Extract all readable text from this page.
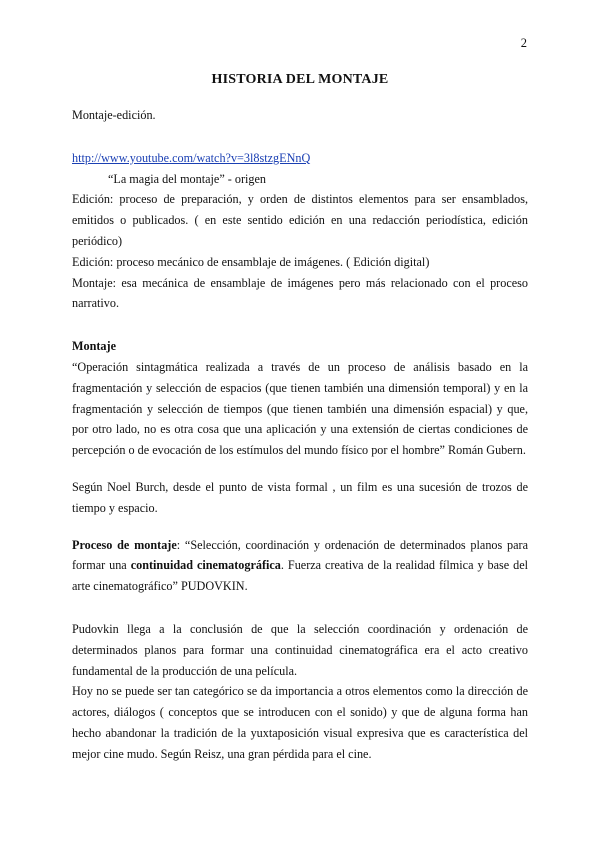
2
HISTORIA DEL MONTAJE

Montaje-edición.

http://www.youtube.com/watch?v=3l8stzgENnQ

“La magia del montaje” - origen

Edición: proceso de preparación, y orden de distintos elementos para ser ensamblados, emitidos o publicados. ( en este sentido edición en una redacción periodística, edición periódico)

Edición: proceso mecánico de ensamblaje de imágenes. ( Edición digital)

Montaje: esa mecánica de ensamblaje de imágenes pero más relacionado con el proceso narrativo.

Montaje

“Operación sintagmática realizada a través de un proceso de análisis basado en la fragmentación y selección de espacios (que tienen también una dimensión temporal) y en la fragmentación y selección de tiempos (que tienen también una dimensión espacial) y que, por otro lado, no es otra cosa que una aplicación y una extensión de ciertas condiciones de percepción o de evocación de los estímulos del mundo físico por el hombre” Román Gubern.

Según Noel Burch, desde el punto de vista formal , un film es una sucesión de trozos de tiempo y espacio.

Proceso de montaje: “Selección, coordinación y ordenación de determinados planos para formar una continuidad cinematográfica. Fuerza creativa de la realidad fílmica y base del arte cinematográfico” PUDOVKIN.

Pudovkin llega a la conclusión de que la selección coordinación y ordenación de determinados planos para formar una continuidad cinematográfica era el acto creativo fundamental de la producción de una película.

Hoy no se puede ser tan categórico se da importancia a otros elementos como la dirección de actores, diálogos ( conceptos que se introducen con el sonido) y que de alguna forma han hecho abandonar la tradición de la yuxtaposición visual expresiva que es característica del mejor cine mudo. Según Reisz, una gran pérdida para el cine.
